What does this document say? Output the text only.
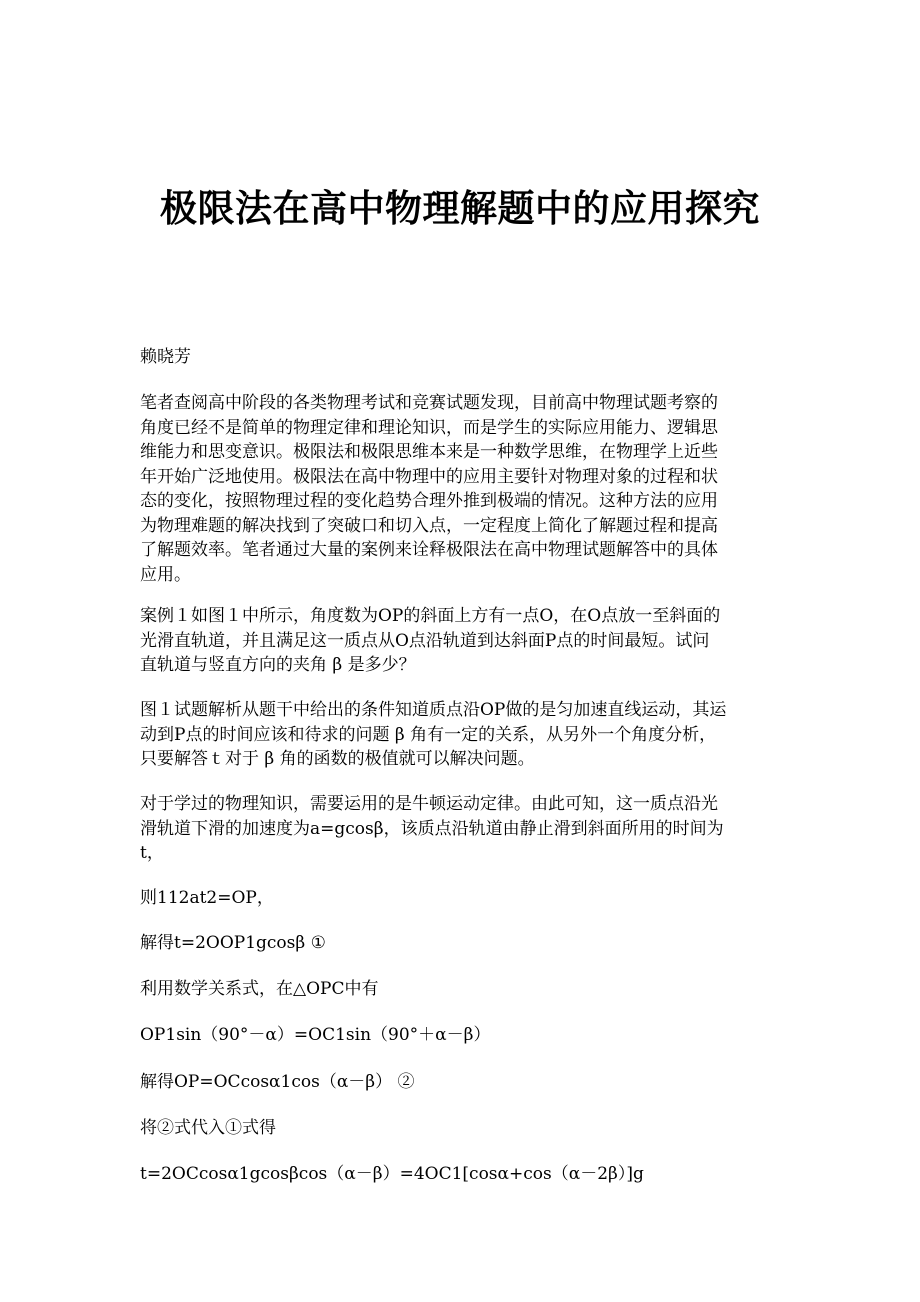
极限法在高中物理解题中的应用探究
赖晓芳
笔者查阅高中阶段的各类物理考试和竞赛试题发现，目前高中物理试题考察的
角度已经不是简单的物理定律和理论知识，而是学生的实际应用能力、逻辑思
维能力和思变意识。极限法和极限思维本来是一种数学思维，在物理学上近些
年开始广泛地使用。极限法在高中物理中的应用主要针对物理对象的过程和状
态的变化，按照物理过程的变化趋势合理外推到极端的情况。这种方法的应用
为物理难题的解决找到了突破口和切入点，一定程度上简化了解题过程和提高
了解题效率。笔者通过大量的案例来诠释极限法在高中物理试题解答中的具体
应用。
案例１如图１中所示，角度数为OP的斜面上方有一点O，在O点放一至斜面的
光滑直轨道，并且满足这一质点从O点沿轨道到达斜面P点的时间最短。试问
直轨道与竖直方向的夹角 β 是多少？
图１试题解析从题干中给出的条件知道质点沿OP做的是匀加速直线运动，其运
动到P点的时间应该和待求的问题 β 角有一定的关系，从另外一个角度分析，
只要解答ｔ对于 β 角的函数的极值就可以解决问题。
对于学过的物理知识，需要运用的是牛顿运动定律。由此可知，这一质点沿光
滑轨道下滑的加速度为a=gcosβ，该质点沿轨道由静止滑到斜面所用的时间为
t，
则112at2=OP，
解得t=2OOP1gcosβ ①
利用数学关系式，在△OPC中有
OP1sin（90°－α）=OC1sin（90°＋α－β）
解得OP=OCcosα1cos（α－β） ②
将②式代入①式得
t=2OCcosα1gcosβcos（α－β）=4OC1[cosα+cos（α－2β）]g
